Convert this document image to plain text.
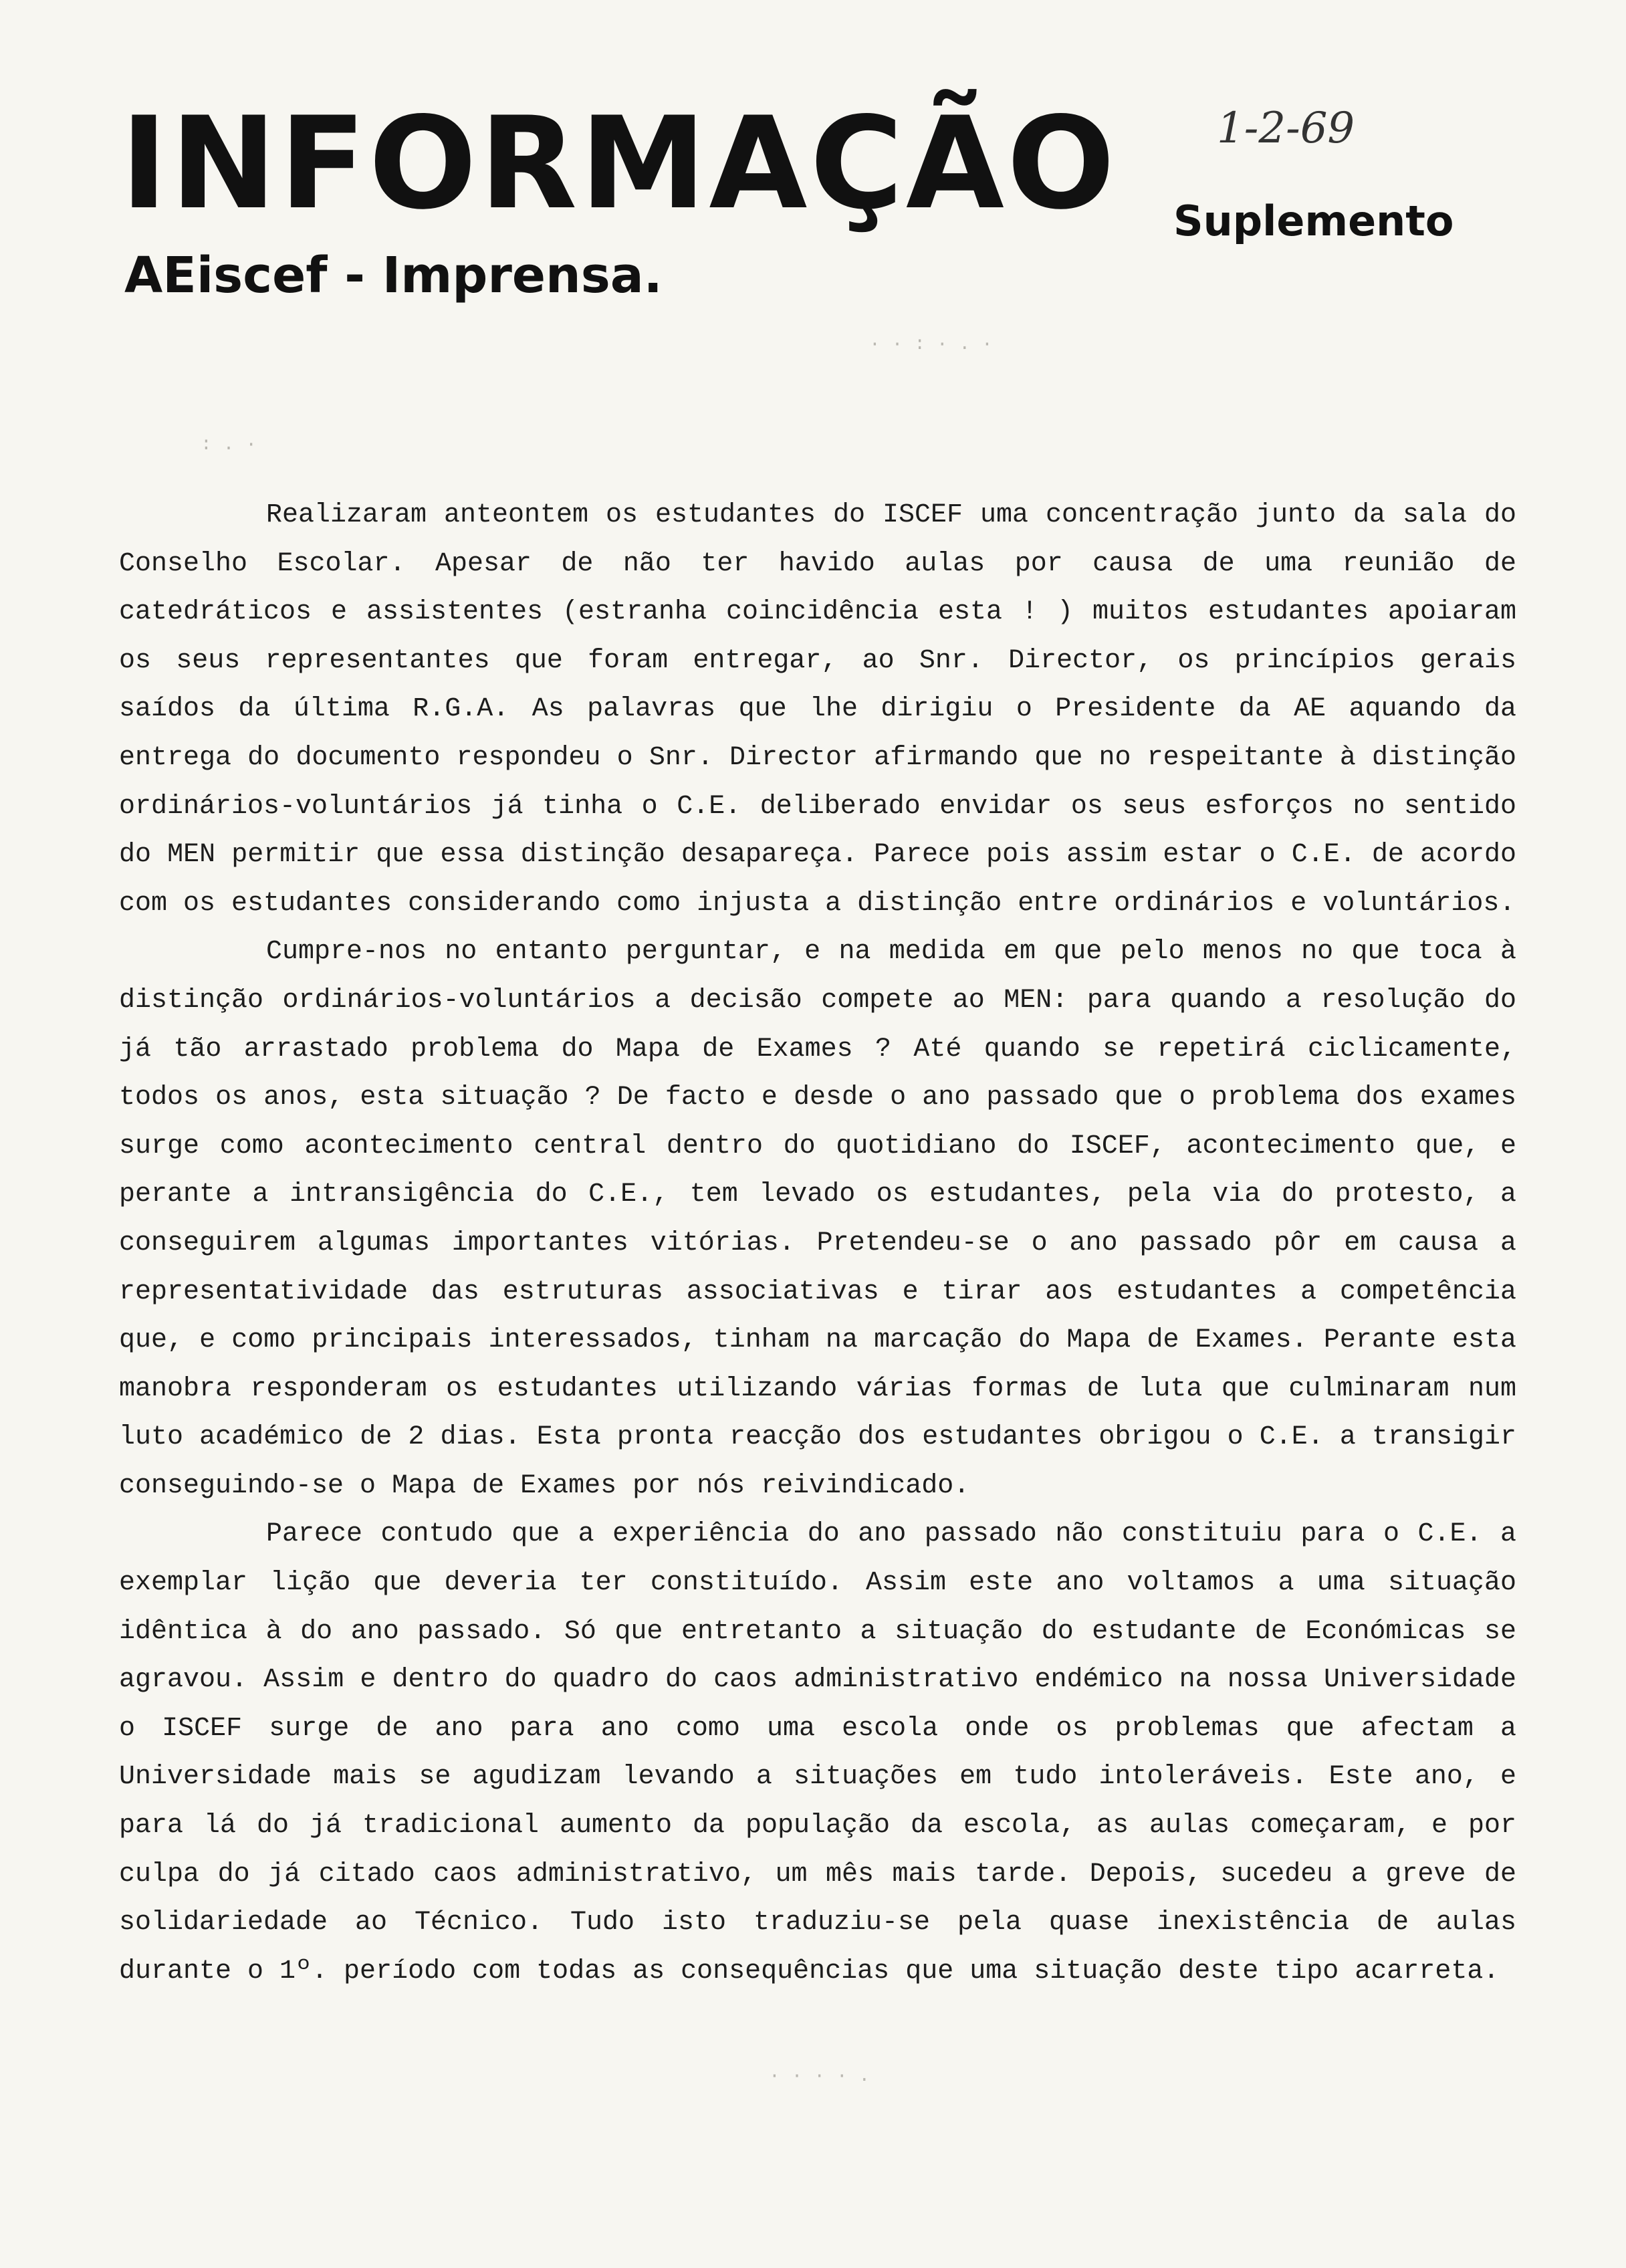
INFORMAÇÃO 1-2-69
Suplemento
AEiscef - Imprensa.
· · : · . ·
: . ·
· · · · .

Realizaram anteontem os estudantes do ISCEF uma concentração junto da sala do Conselho Escolar. Apesar de não ter havido aulas por causa de uma reunião de catedráticos e assistentes (estranha coincidência esta ! ) muitos estudantes apoiaram os seus representantes que foram entregar, ao Snr. Director, os princípios gerais saídos da última R.G.A. As palavras que lhe dirigiu o Presidente da AE aquando da entrega do documento respondeu o Snr. Director afirmando que no respeitante à distinção ordinários-voluntários já tinha o C.E. deliberado envidar os seus esforços no sentido do MEN permitir que essa distinção desapareça. Parece pois assim estar o C.E. de acordo com os estudantes considerando como injusta a distinção entre ordinários e voluntários.

Cumpre-nos no entanto perguntar, e na medida em que pelo menos no que toca à distinção ordinários-voluntários a decisão compete ao MEN: para quando a resolução do já tão arrastado problema do Mapa de Exames ? Até quando se repetirá ciclicamente, todos os anos, esta situação ? De facto e desde o ano passado que o problema dos exames surge como acontecimento central dentro do quotidiano do ISCEF, acontecimento que, e perante a intransigência do C.E., tem levado os estudantes, pela via do protesto, a conseguirem algumas importantes vitórias. Pretendeu-se o ano passado pôr em causa a representatividade das estruturas associativas e tirar aos estudantes a competência que, e como principais interessados, tinham na marcação do Mapa de Exames. Perante esta manobra responderam os estudantes utilizando várias formas de luta que culminaram num luto académico de 2 dias. Esta pronta reacção dos estudantes obrigou o C.E. a transigir conseguindo-se o Mapa de Exames por nós reivindicado.

Parece contudo que a experiência do ano passado não constituiu para o C.E. a exemplar lição que deveria ter constituído. Assim este ano voltamos a uma situação idêntica à do ano passado. Só que entretanto a situação do estudante de Económicas se agravou. Assim e dentro do quadro do caos administrativo endémico na nossa Universidade o ISCEF surge de ano para ano como uma escola onde os problemas que afectam a Universidade mais se agudizam levando a situações em tudo intoleráveis. Este ano, e para lá do já tradicional aumento da população da escola, as aulas começaram, e por culpa do já citado caos administrativo, um mês mais tarde. Depois, sucedeu a greve de solidariedade ao Técnico. Tudo isto traduziu-se pela quase inexistência de aulas durante o 1º. período com todas as consequências que uma situação deste tipo acarreta.
